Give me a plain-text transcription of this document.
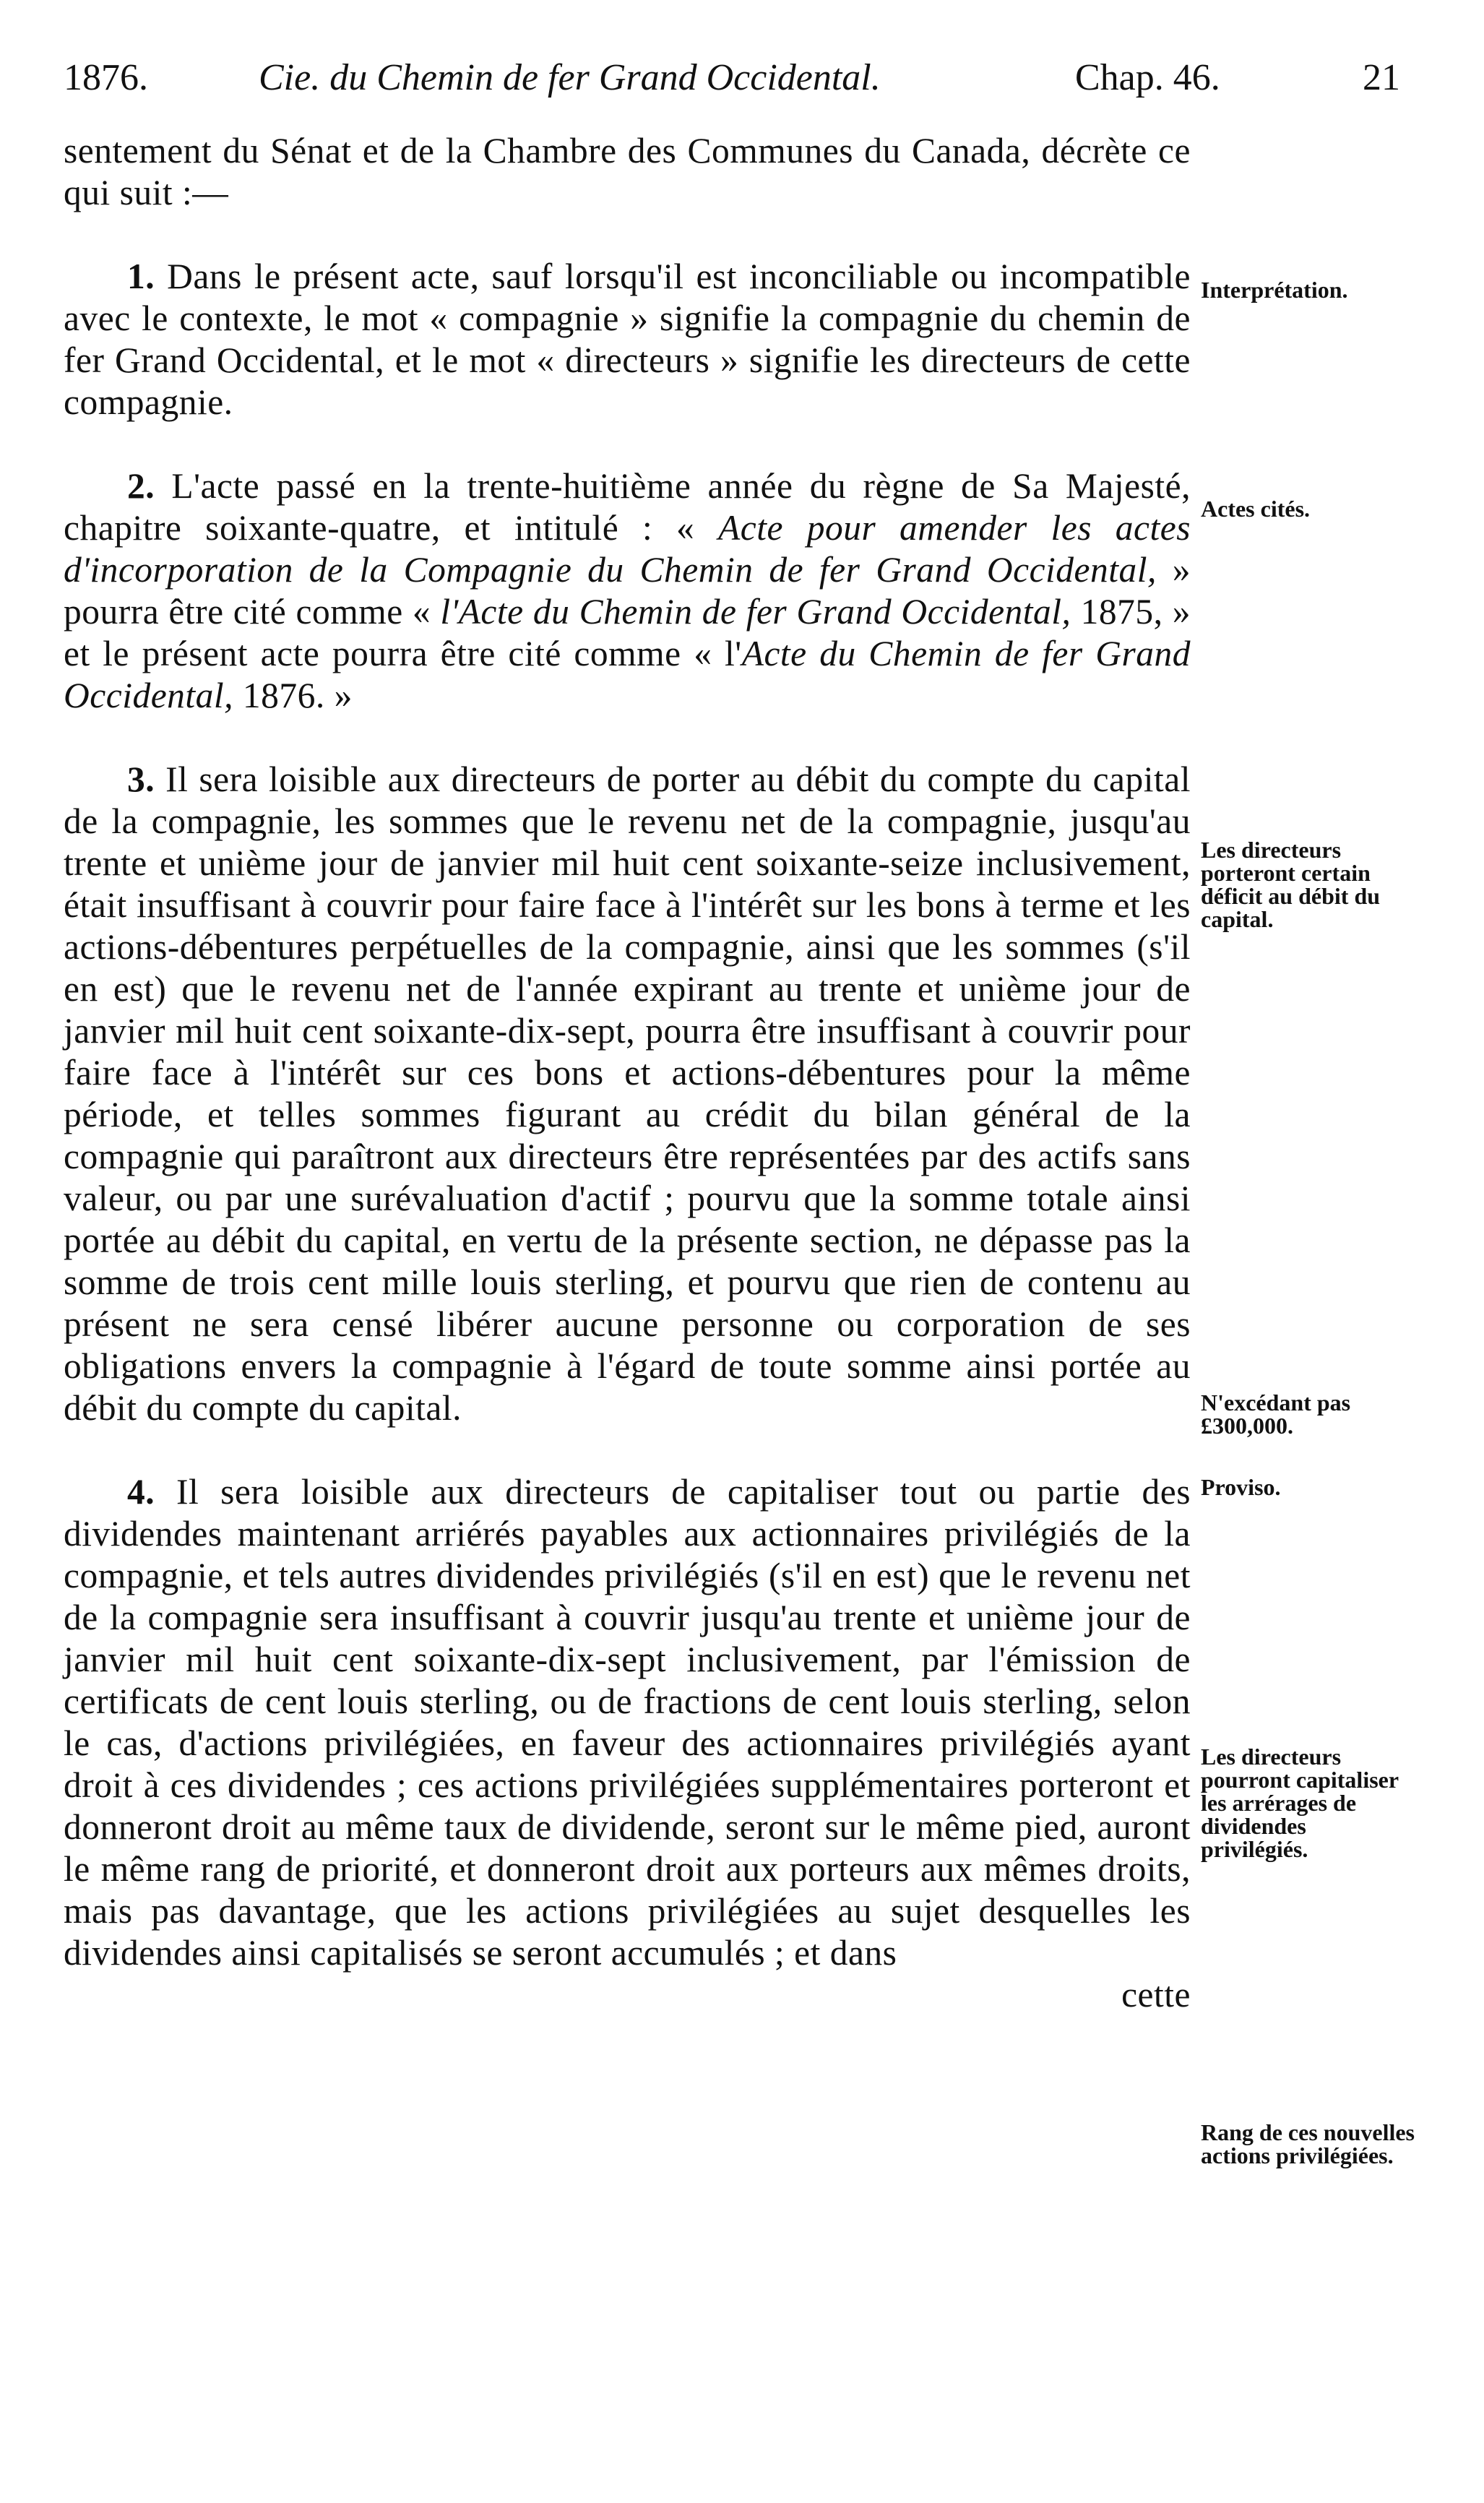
1876.	Cie. du Chemin de fer Grand Occidental.	Chap. 46.	21

sentement du Sénat et de la Chambre des Communes du Canada, décrète ce qui suit :—

1. Dans le présent acte, sauf lorsqu'il est inconciliable ou incompatible avec le contexte, le mot « compagnie » signifie la compagnie du chemin de fer Grand Occidental, et le mot « directeurs » signifie les directeurs de cette compagnie.

2. L'acte passé en la trente-huitième année du règne de Sa Majesté, chapitre soixante-quatre, et intitulé : « Acte pour amender les actes d'incorporation de la Compagnie du Chemin de fer Grand Occidental, » pourra être cité comme « l'Acte du Chemin de fer Grand Occidental, 1875, » et le présent acte pourra être cité comme « l'Acte du Chemin de fer Grand Occidental, 1876. »

3. Il sera loisible aux directeurs de porter au débit du compte du capital de la compagnie, les sommes que le revenu net de la compagnie, jusqu'au trente et unième jour de janvier mil huit cent soixante-seize inclusivement, était insuffisant à couvrir pour faire face à l'intérêt sur les bons à terme et les actions-débentures perpétuelles de la compagnie, ainsi que les sommes (s'il en est) que le revenu net de l'année expirant au trente et unième jour de janvier mil huit cent soixante-dix-sept, pourra être insuffisant à couvrir pour faire face à l'intérêt sur ces bons et actions-débentures pour la même période, et telles sommes figurant au crédit du bilan général de la compagnie qui paraîtront aux directeurs être représentées par des actifs sans valeur, ou par une surévaluation d'actif ; pourvu que la somme totale ainsi portée au débit du capital, en vertu de la présente section, ne dépasse pas la somme de trois cent mille louis sterling, et pourvu que rien de contenu au présent ne sera censé libérer aucune personne ou corporation de ses obligations envers la compagnie à l'égard de toute somme ainsi portée au débit du compte du capital.

4. Il sera loisible aux directeurs de capitaliser tout ou partie des dividendes maintenant arriérés payables aux actionnaires privilégiés de la compagnie, et tels autres dividendes privilégiés (s'il en est) que le revenu net de la compagnie sera insuffisant à couvrir jusqu'au trente et unième jour de janvier mil huit cent soixante-dix-sept inclusivement, par l'émission de certificats de cent louis sterling, ou de fractions de cent louis sterling, selon le cas, d'actions privilégiées, en faveur des actionnaires privilégiés ayant droit à ces dividendes ; ces actions privilégiées supplémentaires porteront et donneront droit au même taux de dividende, seront sur le même pied, auront le même rang de priorité, et donneront droit aux porteurs aux mêmes droits, mais pas davantage, que les actions privilégiées au sujet desquelles les dividendes ainsi capitalisés se seront accumulés ; et dans

cette

Interprétation.
Actes cités.
Les directeurs porteront certain déficit au débit du capital.
N'excédant pas £300,000.
Proviso.
Les directeurs pourront capitaliser les arrérages de dividendes privilégiés.
Rang de ces nouvelles actions privilégiées.
